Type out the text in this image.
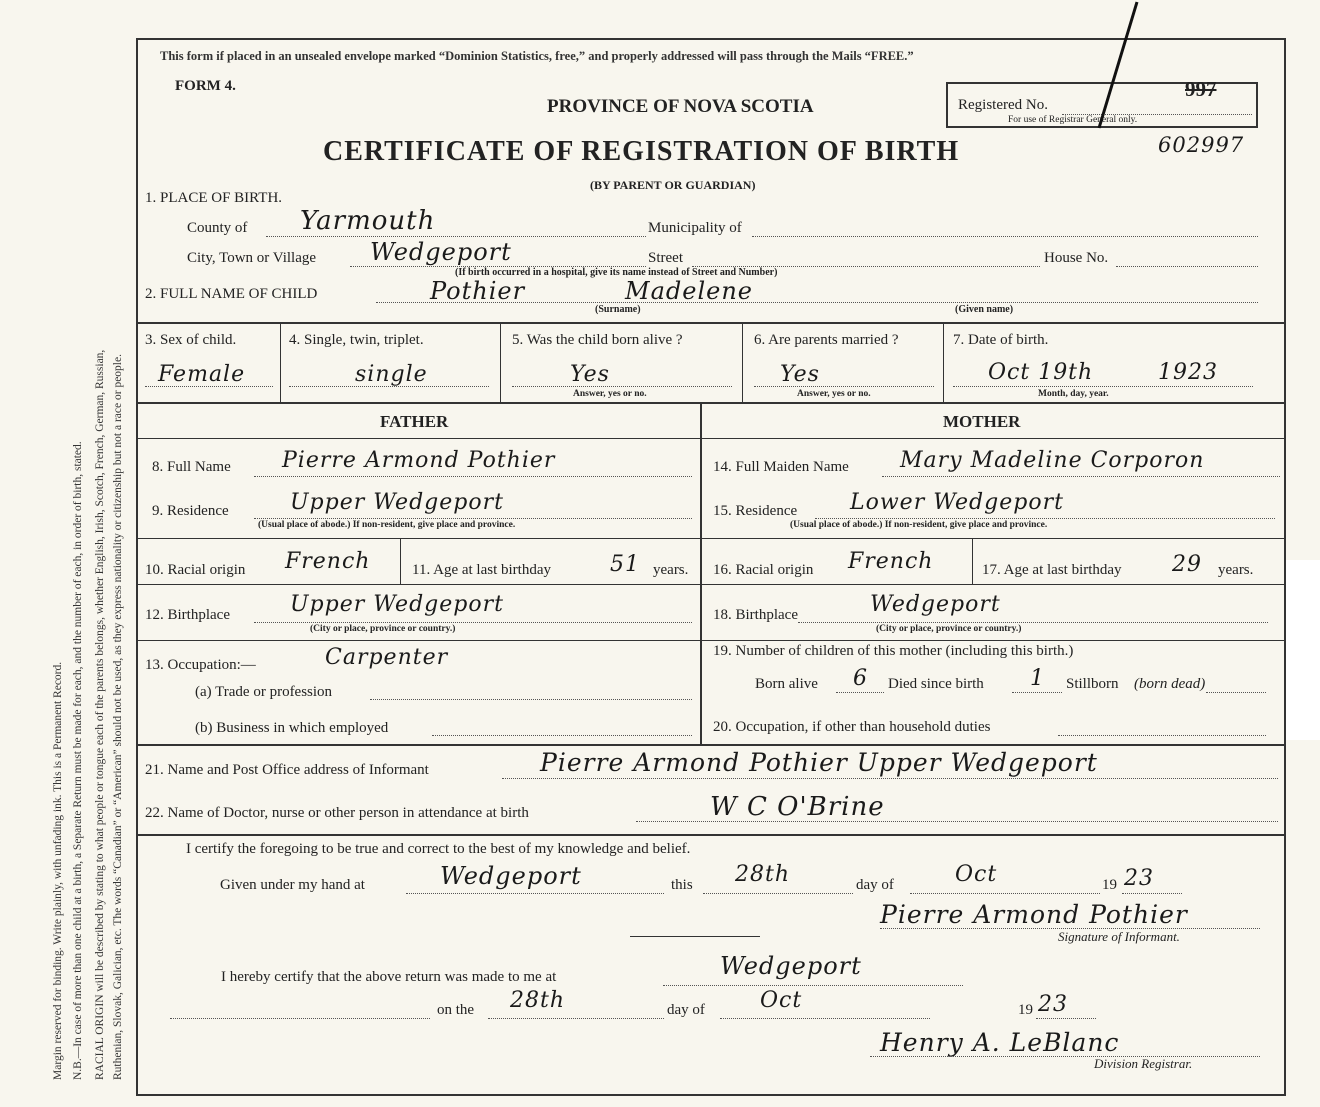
Margin reserved for binding. Write plainly, with unfading ink. This is a Permanent Record. N.B.—In case of more than one child at a birth, a Separate Return must be made for each, and the number of each, in order of birth, stated. RACIAL ORIGIN will be described by stating to what people or tongue each of the parents belongs, whether English, Irish, Scotch, French, German, Russian, Ruthenian, Slovak, Galician, etc. The words “Canadian” or “American” should not be used, as they express nationality or citizenship but not a race or people.
This form if placed in an unsealed envelope marked “Dominion Statistics, free,” and properly addressed will pass through the Mails “FREE.”
FORM 4.
PROVINCE OF NOVA SCOTIA
CERTIFICATE OF REGISTRATION OF BIRTH
(BY PARENT OR GUARDIAN)
Registered No.
997
For use of Registrar General only.
602997
1. PLACE OF BIRTH.
County of Yarmouth	Municipality of
City, Town or Village Wedgeport	Street	House No.
(If birth occurred in a hospital, give its name instead of Street and Number)
2. FULL NAME OF CHILD	Pothier	Madelene
(Surname)	(Given name)
3. Sex of child.
Female
4. Single, twin, triplet.
single
5. Was the child born alive ?
Yes
Answer, yes or no.
6. Are parents married ?
Yes
Answer, yes or no.
7. Date of birth.
Oct 19th	1923
Month, day, year.
FATHER	MOTHER
8. Full Name Pierre Armond Pothier
9. Residence	Upper Wedgeport
(Usual place of abode.) If non-resident, give place and province.
10. Racial origin French	11. Age at last birthday	51 years.
12. Birthplace	Upper Wedgeport
(City or place, province or country.)
13. Occupation:—	Carpenter
(a) Trade or profession
(b) Business in which employed
14. Full Maiden Name Mary Madeline Corporon
15. Residence Lower Wedgeport
(Usual place of abode.) If non-resident, give place and province.
16. Racial origin French	17. Age at last birthday 29 years.
18. Birthplace	Wedgeport
(City or place, province or country.)
19. Number of children of this mother (including this birth.)
Born alive 6 Died since birth 1 Stillborn (born dead)
20. Occupation, if other than household duties
21. Name and Post Office address of Informant	Pierre Armond Pothier Upper Wedgeport
22. Name of Doctor, nurse or other person in attendance at birth	W C O'Brine
I certify the foregoing to be true and correct to the best of my knowledge and belief.
Given under my hand at	Wedgeport	this 28th	day of	Oct	19 23
Pierre Armond Pothier
Signature of Informant.
I hereby certify that the above return was made to me at	Wedgeport
on the 28th	day of	Oct	19 23
Henry A. LeBlanc
Division Registrar.
